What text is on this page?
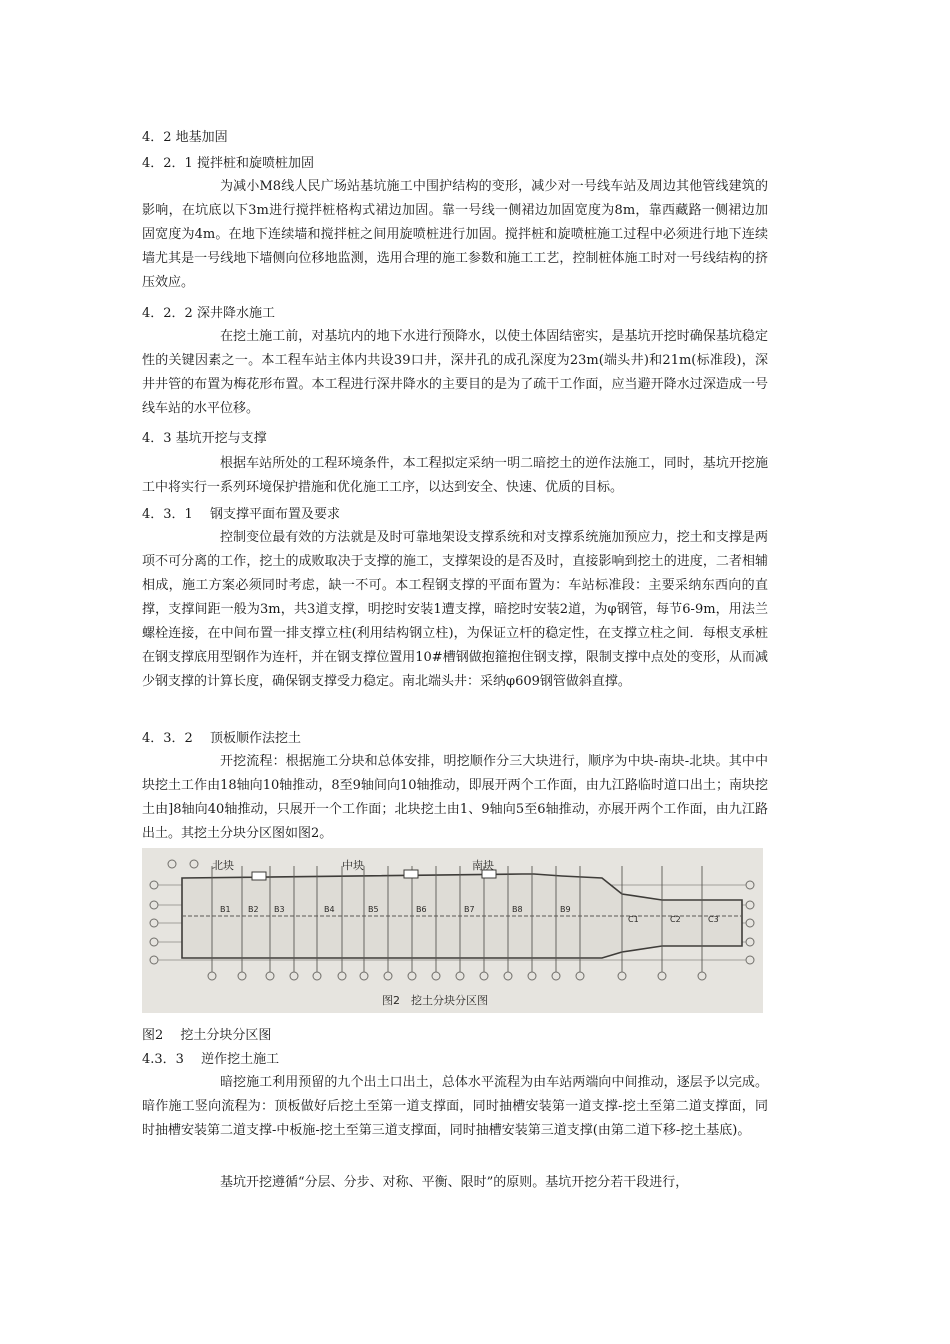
4．2 地基加固
4．2．1 搅拌桩和旋喷桩加固
为减小M8线人民广场站基坑施工中围护结构的变形，减少对一号线车站及周边其他管线建筑的影响，在坑底以下3m进行搅拌桩格构式裙边加固。靠一号线一侧裙边加固宽度为8m，靠西藏路一侧裙边加固宽度为4m。在地下连续墙和搅拌桩之间用旋喷桩进行加固。搅拌桩和旋喷桩施工过程中必须进行地下连续墙尤其是一号线地下墙侧向位移地监测，选用合理的施工参数和施工工艺，控制桩体施工时对一号线结构的挤压效应。
4．2．2 深井降水施工
在挖土施工前，对基坑内的地下水进行预降水，以使土体固结密实，是基坑开挖时确保基坑稳定性的关键因素之一。本工程车站主体内共设39口井，深井孔的成孔深度为23m(端头井)和21m(标准段)，深井井管的布置为梅花形布置。本工程进行深井降水的主要目的是为了疏干工作面，应当避开降水过深造成一号线车站的水平位移。
4．3 基坑开挖与支撑
根据车站所处的工程环境条件，本工程拟定采纳一明二暗挖土的逆作法施工，同时，基坑开挖施工中将实行一系列环境保护措施和优化施工工序，以达到安全、快速、优质的目标。
4．3．1　 钢支撑平面布置及要求
控制变位最有效的方法就是及时可靠地架设支撑系统和对支撑系统施加预应力，挖土和支撑是两项不可分离的工作，挖土的成败取决于支撑的施工，支撑架设的是否及时，直接影响到挖土的进度，二者相辅相成，施工方案必须同时考虑，缺一不可。本工程钢支撑的平面布置为：车站标准段：主要采纳东西向的直撑，支撑间距一般为3m，共3道支撑，明挖时安装1遭支撑，暗挖时安装2道，为φ钢管，每节6-9m，用法兰螺栓连接，在中间布置一排支撑立柱(利用结构钢立柱)，为保证立杆的稳定性，在支撑立柱之间．每根支承桩在钢支撑底用型钢作为连杆，并在钢支撑位置用10#槽钢做抱箍抱住钢支撑，限制支撑中点处的变形，从而减少钢支撑的计算长度，确保钢支撑受力稳定。南北端头井：采纳φ609钢管做斜直撑。
4．3．2　 顶板顺作法挖土
开挖流程：根据施工分块和总体安排，明挖顺作分三大块进行，顺序为中块-南块-北块。其中中块挖土工作由18轴向10轴推动，8至9轴间向10轴推动，即展开两个工作面，由九江路临时道口出土；南块挖土由]8轴向40轴推动，只展开一个工作面；北块挖土由1、9轴向5至6轴推动，亦展开两个工作面，由九江路出土。其挖土分块分区图如图2。
北块	中块	南块
B1 B2 B3	B4	B5	B6	B7	B8	B9
C1	C2	C3
图2　挖土分块分区图
图2　 挖土分块分区图
4.3．3　 逆作挖土施工
暗挖施工利用预留的九个出土口出土，总体水平流程为由车站两端向中间推动，逐层予以完成。暗作施工竖向流程为：顶板做好后挖土至第一道支撑面，同时抽槽安装第一道支撑-挖土至第二道支撑面，同时抽槽安装第二道支撑-中板施-挖土至第三道支撑面，同时抽槽安装第三道支撑(由第二道下移-挖土基底)。
基坑开挖遵循“分层、分步、对称、平衡、限时”的原则。基坑开挖分若干段进行，
